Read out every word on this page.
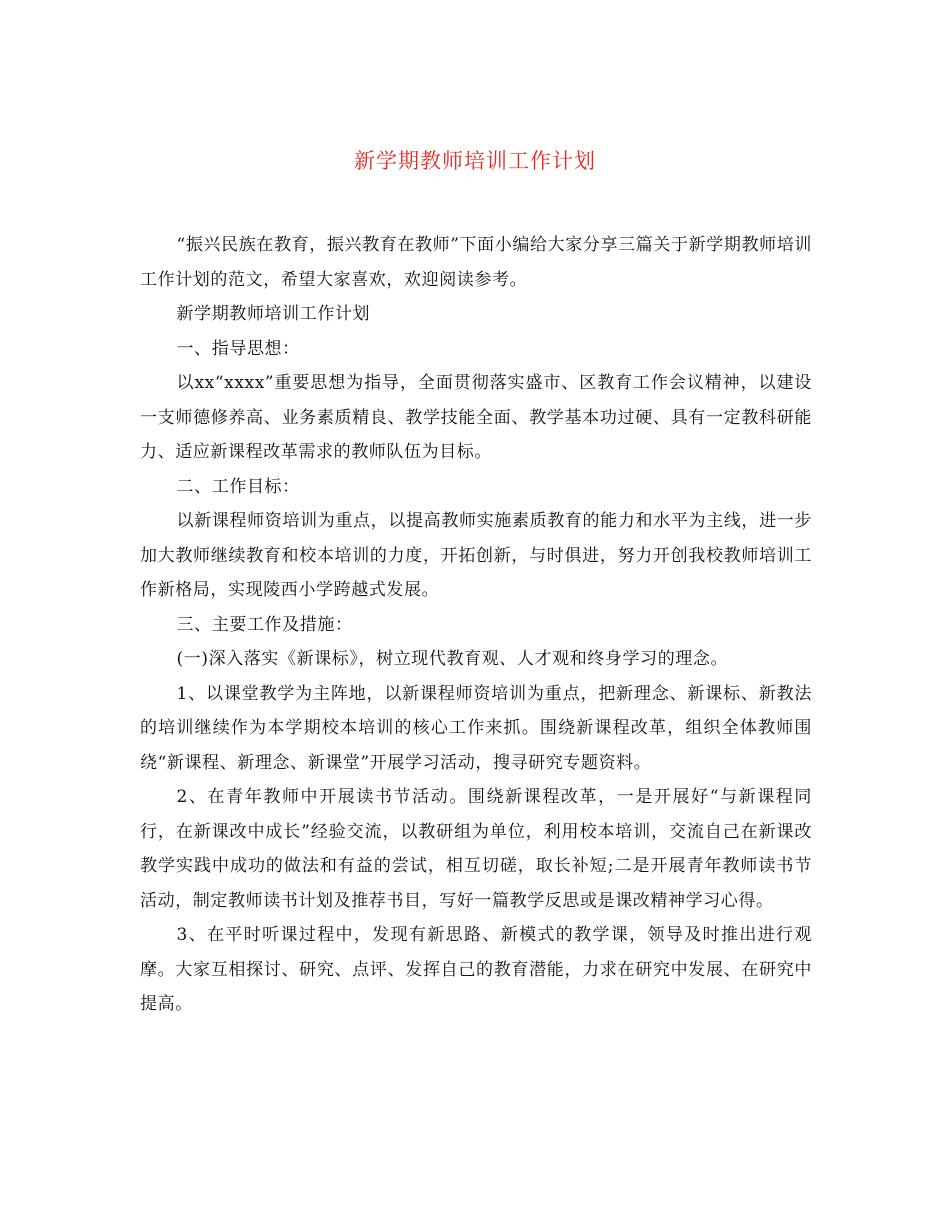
新学期教师培训工作计划

“振兴民族在教育，振兴教育在教师”下面小编给大家分享三篇关于新学期教师培训工作计划的范文，希望大家喜欢，欢迎阅读参考。

新学期教师培训工作计划

一、指导思想：

以xx“xxxx”重要思想为指导，全面贯彻落实盛市、区教育工作会议精神，以建设一支师德修养高、业务素质精良、教学技能全面、教学基本功过硬、具有一定教科研能力、适应新课程改革需求的教师队伍为目标。

二、工作目标：

以新课程师资培训为重点，以提高教师实施素质教育的能力和水平为主线，进一步加大教师继续教育和校本培训的力度，开拓创新，与时俱进，努力开创我校教师培训工作新格局，实现陵西小学跨越式发展。

三、主要工作及措施：

(一)深入落实《新课标》，树立现代教育观、人才观和终身学习的理念。

1、以课堂教学为主阵地，以新课程师资培训为重点，把新理念、新课标、新教法的培训继续作为本学期校本培训的核心工作来抓。围绕新课程改革，组织全体教师围绕“新课程、新理念、新课堂”开展学习活动，搜寻研究专题资料。

2、在青年教师中开展读书节活动。围绕新课程改革，一是开展好“与新课程同行，在新课改中成长”经验交流，以教研组为单位，利用校本培训，交流自己在新课改教学实践中成功的做法和有益的尝试，相互切磋，取长补短;二是开展青年教师读书节活动，制定教师读书计划及推荐书目，写好一篇教学反思或是课改精神学习心得。

3、在平时听课过程中，发现有新思路、新模式的教学课，领导及时推出进行观摩。大家互相探讨、研究、点评、发挥自己的教育潜能，力求在研究中发展、在研究中提高。
